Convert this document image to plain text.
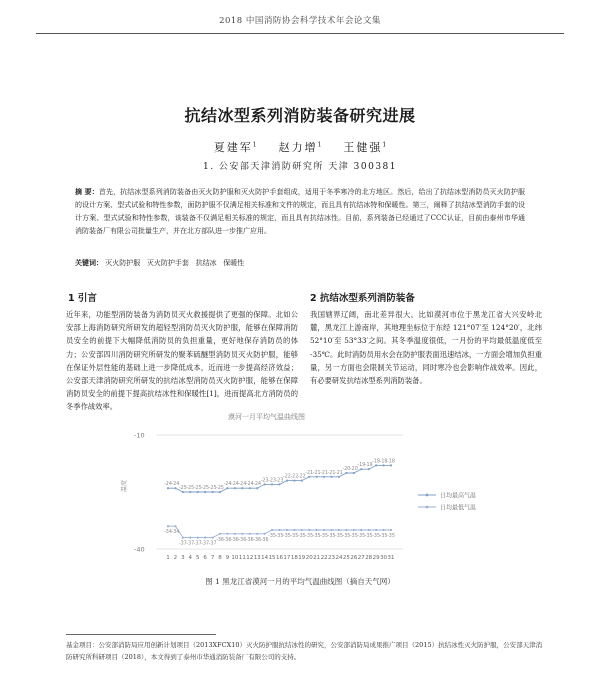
2018 中国消防协会科学技术年会论文集
抗结冰型系列消防装备研究进展
夏建军$^1$ 赵力增$^1$ 王健强$^1$
1. 公安部天津消防研究所 天津 300381
摘 要：首先，抗结冰型系列消防装备由灭火防护服和灭火防护手套组成，适用于冬季寒冷的北方地区。然后，给出了抗结冰型消防员灭火防护服的设计方案、型式试验和特性参数，面防护服不仅满足相关标准和文件的规定，而且具有抗结冰特和保暖性。第三，阐释了抗结冰型消防手套的设计方案、型式试验和特性参数，该装备不仅满足相关标准的规定，而且具有抗结冰性。目前，系列装备已经通过了CCC认证，目前由泰州市华通消防装备厂有限公司批量生产，并在北方部队进一步推广应用。
关键词： 灭火防护服 灭火防护手套 抗结冰 保暖性
1 引言
近年来，功能型消防装备为消防员灭火救援提供了更强的保障。北如公安部上海消防研究所研发的超轻型消防员灭火防护服，能够在保障消防员安全的前提下大幅降低消防员的负担重量，更好地保存消防员的体力；公安部四川消防研究所研发的聚苯硫醚型消防员灭火防护服，能够在保证外层性能的基础上进一步降低成本，近而进一步提高经济效益；公安部天津消防研究所研发的抗结冰型消防员灭火防护服，能够在保障消防员安全的前提下提高抗结冰性和保暖性[1]，进而提高北方消防员的冬季作战效率。
2 抗结冰型系列消防装备
我国辖界辽阔，南北差异很大。比如漠河市位于黑龙江省大兴安岭北麓，黑龙江上游南岸，其地理坐标位于东经 121°07′至 124°20′，北纬 52°10′至 53°33′之间。其冬季温度很低，一月份的平均最低温度低至 -35℃。此时消防员用水会在防护服表面迅速结冰，一方面会增加负担重量，另一方面也会限制关节运动，同时寒冷也会影响作战效率。因此，有必要研发抗结冰型系列消防装备。
漠河一月平均气温曲线图
-10
-40
温度
1 2 3 4 5 6 7 8 9 10 11 12 13 14 15 16 17 18 19 20 21 22 23 24 25 26 27 28 29 30 31
-24 -24
-25 -25 -25 -25 -25 -25
-24 -24 -24 -24 -24
-23 -23 -23
-22 -22 -22
-21 -21 -21 -21 -21
-20 -20
-19 -19
-18 -18 -18
日均最高气温
-34 -34
-37 -37 -37 -37 -37
-36 -36 -36 -36 -36 -36 -36
-35 -35 -35 -35 -35 -35 -35 -35 -35 -35 -35 -35 -35 -35 -35 -35 -35
日均最低气温
图 1 黑龙江省漠河一月的平均气温曲线图（摘自天气网）
基金项目：公安部消防局应用创新计划项目（2013XFCX10）灭火防护服抗结冰性的研究，公安部消防局成果推广项目（2015）抗结冰性灭火防护服，公安部天津消防研究所科研项目（2018），本文得到了泰州市华通消防装备厂有限公司的支持。
